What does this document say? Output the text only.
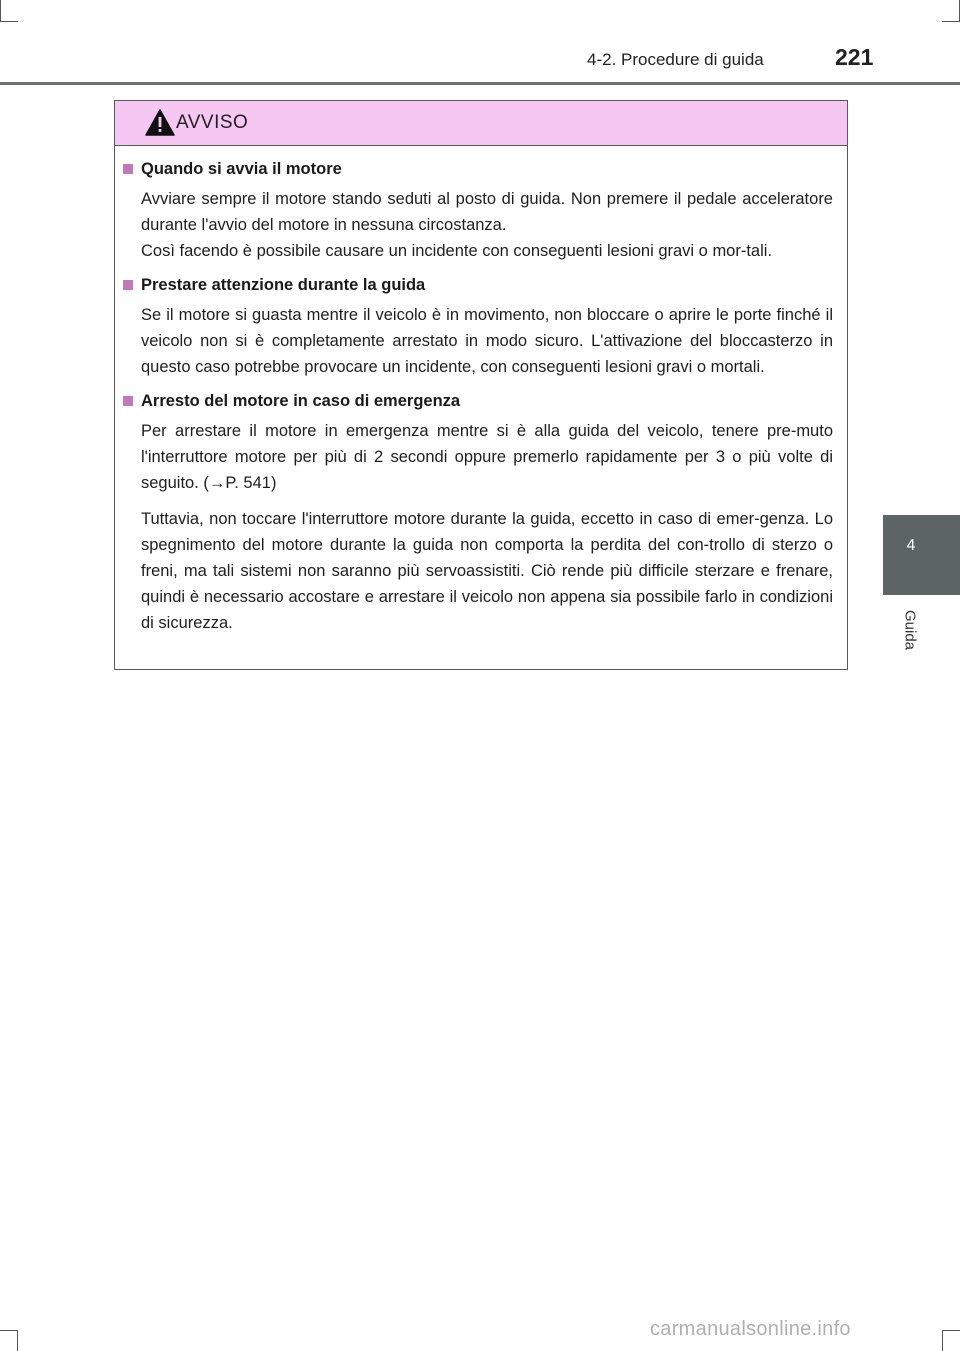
4-2. Procedure di guida	221
4
Guida
AVVISO
Quando si avvia il motore

Avviare sempre il motore stando seduti al posto di guida. Non premere il pedale acceleratore durante l'avvio del motore in nessuna circostanza.

Così facendo è possibile causare un incidente con conseguenti lesioni gravi o mor-tali.

Prestare attenzione durante la guida

Se il motore si guasta mentre il veicolo è in movimento, non bloccare o aprire le porte finché il veicolo non si è completamente arrestato in modo sicuro. L'attivazione del bloccasterzo in questo caso potrebbe provocare un incidente, con conseguenti lesioni gravi o mortali.

Arresto del motore in caso di emergenza

Per arrestare il motore in emergenza mentre si è alla guida del veicolo, tenere pre-muto l'interruttore motore per più di 2 secondi oppure premerlo rapidamente per 3 o più volte di seguito. (→P. 541)

Tuttavia, non toccare l'interruttore motore durante la guida, eccetto in caso di emer-genza. Lo spegnimento del motore durante la guida non comporta la perdita del con-trollo di sterzo o freni, ma tali sistemi non saranno più servoassistiti. Ciò rende più difficile sterzare e frenare, quindi è necessario accostare e arrestare il veicolo non appena sia possibile farlo in condizioni di sicurezza.

carmanualsonline.info
